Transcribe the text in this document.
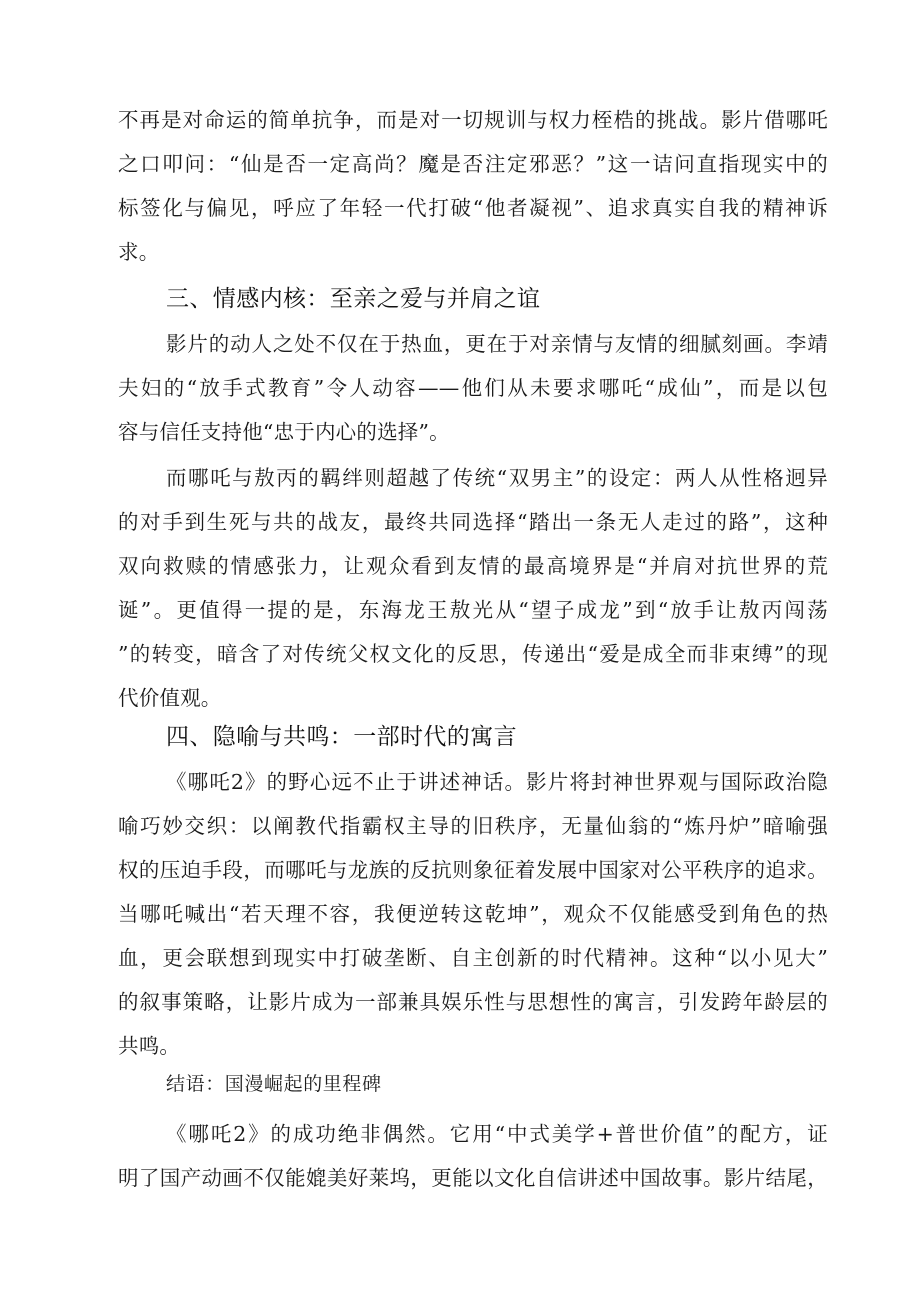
不再是对命运的简单抗争，而是对一切规训与权力桎梏的挑战。影片借哪吒
之口叩问：“仙是否一定高尚？魔是否注定邪恶？”这一诘问直指现实中的
标签化与偏见，呼应了年轻一代打破“他者凝视”、追求真实自我的精神诉
求。
三、情感内核：至亲之爱与并肩之谊
影片的动人之处不仅在于热血，更在于对亲情与友情的细腻刻画。李靖
夫妇的“放手式教育”令人动容——他们从未要求哪吒“成仙”，而是以包
容与信任支持他“忠于内心的选择”。
而哪吒与敖丙的羁绊则超越了传统“双男主”的设定：两人从性格迥异
的对手到生死与共的战友，最终共同选择“踏出一条无人走过的路”，这种
双向救赎的情感张力，让观众看到友情的最高境界是“并肩对抗世界的荒
诞”。更值得一提的是，东海龙王敖光从“望子成龙”到“放手让敖丙闯荡
”的转变，暗含了对传统父权文化的反思，传递出“爱是成全而非束缚”的现
代价值观。
四、隐喻与共鸣：一部时代的寓言
《哪吒2》的野心远不止于讲述神话。影片将封神世界观与国际政治隐
喻巧妙交织：以阐教代指霸权主导的旧秩序，无量仙翁的“炼丹炉”暗喻强
权的压迫手段，而哪吒与龙族的反抗则象征着发展中国家对公平秩序的追求。
当哪吒喊出“若天理不容，我便逆转这乾坤”，观众不仅能感受到角色的热
血，更会联想到现实中打破垄断、自主创新的时代精神。这种“以小见大”
的叙事策略，让影片成为一部兼具娱乐性与思想性的寓言，引发跨年龄层的
共鸣。
结语：国漫崛起的里程碑
《哪吒2》的成功绝非偶然。它用“中式美学+普世价值”的配方，证
明了国产动画不仅能媲美好莱坞，更能以文化自信讲述中国故事。影片结尾，
